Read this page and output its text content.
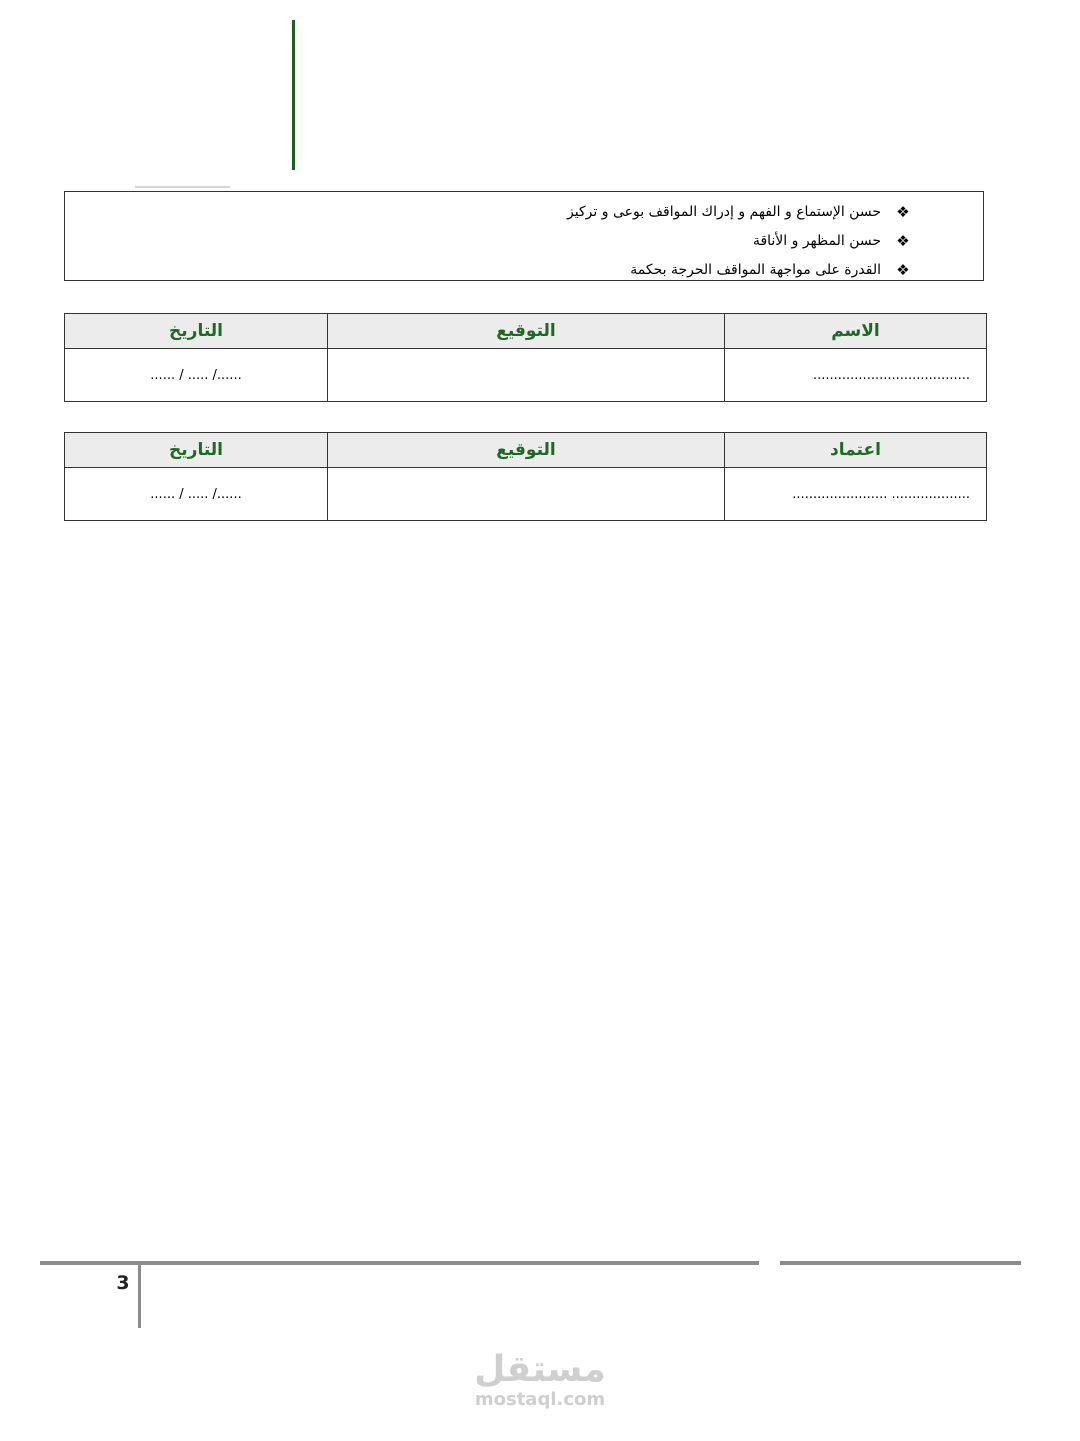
❖
حسن الإستماع و الفهم و إدراك المواقف بوعى و تركيز
❖
حسن المظهر و الأناقة
❖
القدرة على مواجهة المواقف الحرجة بحكمة
الاسم	التوقيع	التاريخ
......................................		....../ ..... / ......
اعتماد	التوقيع	التاريخ
................... .......................		....../ ..... / ......
3
مستقل
mostaql.com
